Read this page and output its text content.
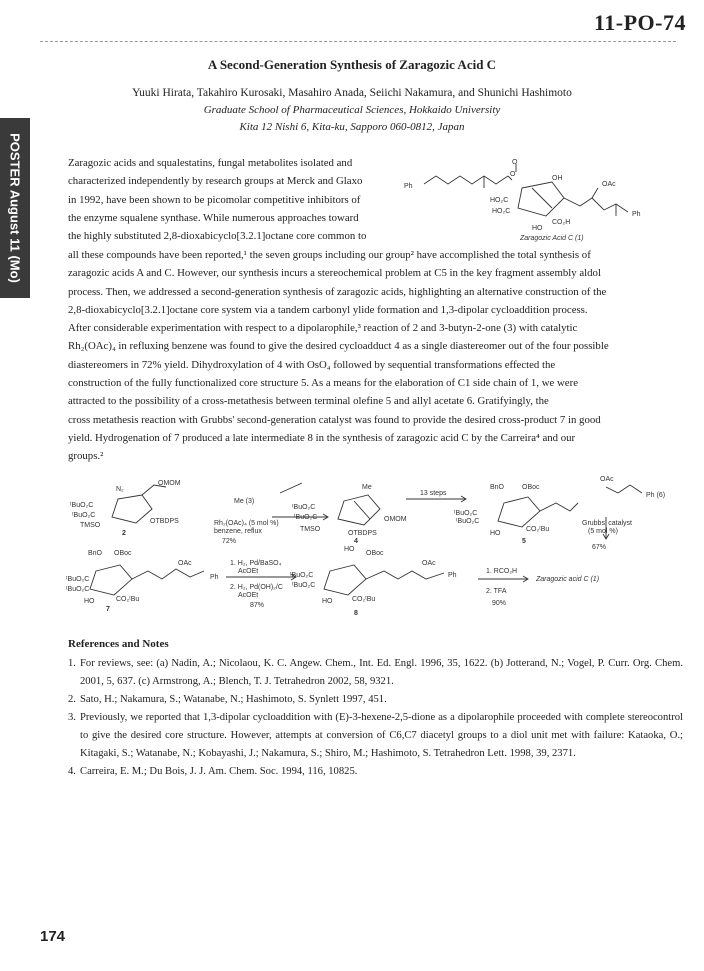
11-PO-74
POSTER August 11 (Mo)
A Second-Generation Synthesis of Zaragozic Acid C
Yuuki Hirata, Takahiro Kurosaki, Masahiro Anada, Seiichi Nakamura, and Shunichi Hashimoto
Graduate School of Pharmaceutical Sciences, Hokkaido University
Kita 12 Nishi 6, Kita-ku, Sapporo 060-0812, Japan
Zaragozic acids and squalestatins, fungal metabolites isolated and
characterized independently by research groups at Merck and Glaxo
in 1992, have been shown to be picomolar competitive inhibitors of
the enzyme squalene synthase. While numerous approaches toward
the highly substituted 2,8-dioxabicyclo[3.2.1]octane core common to
Ph
O
O
OH
OAc
HO₂C
HO₂C
CO₂H
HO
Ph
Zaragozic Acid C (1)
all these compounds have been reported,¹ the seven groups including our group² have accomplished the total synthesis of
zaragozic acids A and C. However, our synthesis incurs a stereochemical problem at C5 in the key fragment assembly aldol
process. Then, we addressed a second-generation synthesis of zaragozic acids, highlighting an alternative construction of the
2,8-dioxabicyclo[3.2.1]octane core system via a tandem carbonyl ylide formation and 1,3-dipolar cycloaddition process.
After considerable experimentation with respect to a dipolarophile,³ reaction of 2 and 3-butyn-2-one (3) with catalytic
Rh₂(OAc)₄ in refluxing benzene was found to give the desired cycloadduct 4 as a single diastereomer out of the four possible
diastereomers in 72% yield. Dihydroxylation of 4 with OsO₄ followed by sequential transformations effected the
construction of the fully functionalized core structure 5. As a means for the elaboration of C1 side chain of 1, we were
attracted to the possibility of a cross-metathesis between terminal olefine 5 and allyl acetate 6. Gratifyingly, the
cross metathesis reaction with Grubbs' second-generation catalyst was found to provide the desired cross-product 7 in good
yield. Hydrogenation of 7 produced a late intermediate 8 in the synthesis of zaragozic acid C by the Carreira⁴ and our
groups.²
N₂
OMOM
ᵗBuO₂C
ᵗBuO₂C
TMSO
OTBDPS
2
Me (3)
Rh₂(OAc)₄ (5 mol %)
benzene, reflux
72%
Me
ᵗBuO₂C
ᵗBuO₂C
TMSO
OMOM
OTBDPS
4
13 steps
BnO	OBoc
ᵗBuO₂C
ᵗBuO₂C
HO
CO₂ᵗBu
5
OAc
Ph (6)
Grubbs' catalyst
(5 mol %)
67%
BnO OBoc
ᵗBuO₂C
ᵗBuO₂C
HO	CO₂ᵗBu
OAc
Ph
7
1. H₂, Pd/BaSO₄
AcOEt
2. H₂, Pd(OH)₂/C
AcOEt
87%
HO
OBoc
ᵗBuO₂C
ᵗBuO₂C
HO	CO₂ᵗBu
OAc
Ph
8
1. RCO₂H
2. TFA
90%
Zaragozic acid C (1)
References and Notes
1. For reviews, see: (a) Nadin, A.; Nicolaou, K. C. Angew. Chem., Int. Ed. Engl. 1996, 35, 1622. (b) Jotterand, N.; Vogel, P. Curr. Org. Chem. 2001, 5, 637. (c) Armstrong, A.; Blench, T. J. Tetrahedron 2002, 58, 9321.
2. Sato, H.; Nakamura, S.; Watanabe, N.; Hashimoto, S. Synlett 1997, 451.
3. Previously, we reported that 1,3-dipolar cycloaddition with (E)-3-hexene-2,5-dione as a dipolarophile proceeded with complete stereocontrol to give the desired core structure. However, attempts at conversion of C6,C7 diacetyl groups to a diol unit met with failure: Kataoka, O.; Kitagaki, S.; Watanabe, N.; Kobayashi, J.; Nakamura, S.; Shiro, M.; Hashimoto, S. Tetrahedron Lett. 1998, 39, 2371.
4. Carreira, E. M.; Du Bois, J. J. Am. Chem. Soc. 1994, 116, 10825.
174
